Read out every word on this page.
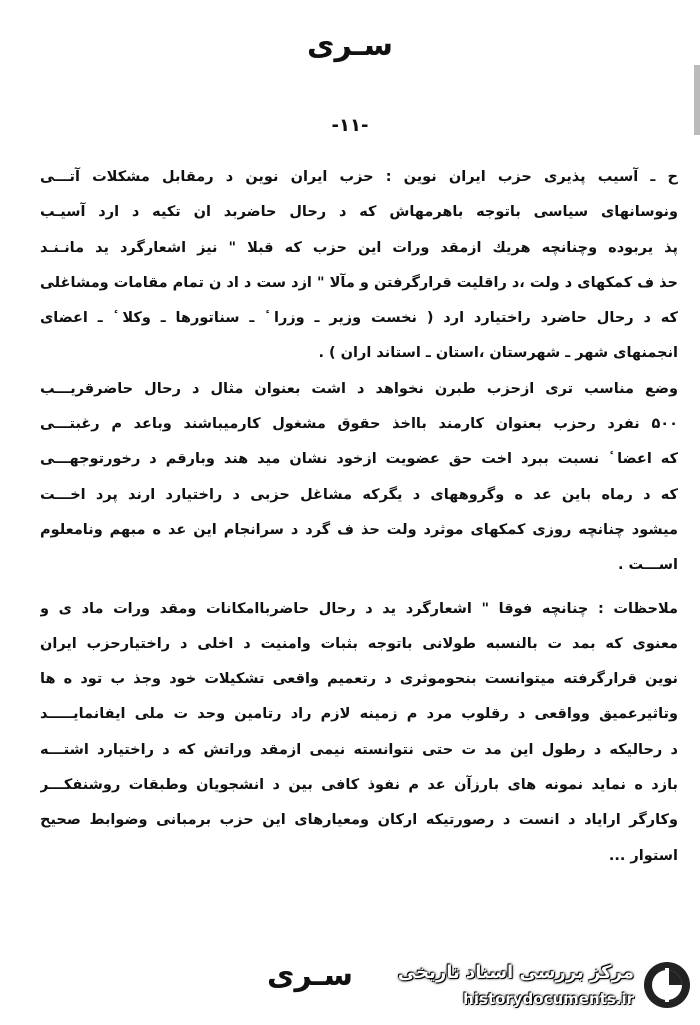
سـرى
-۱۱-
ح ـ آسیب پذیری حزب ایران نوین : حزب ایران نوین د رمقابل مشکلات آتـــی
ونوسانهای سیاسی باتوجه باهرمهاش که د رحال حاضربد ان تکیه د ارد آسیـب
پذ یربوده وچنانچه هریك ازمقد ورات این حزب که قبلا " نیز اشعارگرد ید مانـنـد
حذ ف کمکهای د ولت ،د راقلیت قرارگرفتن و مآلا " ازد ست د اد ن تمام مقامات ومشاغلی
که د رحال حاضرد راختیارد ارد ( نخست وزیر ـ وزرا ٔ ـ سناتورها ـ وکلا ٔ ـ اعضای
انجمنهای شهر ـ شهرستان ،استان ـ استاند اران ) .
وضع مناسب تری ازحزب طبرن نخواهد د اشت بعنوان مثال د رحال حاضرقریـــب
۵۰۰ نفرد رحزب بعنوان کارمند بااخذ حقوق مشغول کارمیباشند وباعد م رغبتـــی
که اعضا ٔ نسبت ببرد اخت حق عضویت ازخود نشان مید هند وبارقم د رخورتوجهـــی
که د رماه باین عد ه وگروههای د یگرکه مشاغل حزبی د راختیارد ارند پرد اخـــت
میشود چنانچه روزی کمکهای موثرد ولت حذ ف گرد د سرانجام این عد ه مبهم ونامعلوم
اســـت .
ملاحظات : چنانچه فوقا " اشعارگرد ید د رحال حاضرباامکانات ومقد ورات ماد ی و
معنوی که بمد ت بالنسبه طولانی باتوجه بثبات وامنیت د اخلی د راختیارحزب ایران
نوین قرارگرفته میتوانست بنحوموثری د رتعمیم واقعی تشکیلات خود وجذ ب تود ه ها
وتاثیرعمیق وواقعی د رقلوب مرد م زمینه لازم راد رتامین وحد ت ملی ایفانمایـــــد
د رحالیکه د رطول این مد ت حتی نتوانسته نیمی ازمقد وراتش که د راختیارد اشتـــه
بازد ه نماید نمونه های بارزآن عد م نفوذ کافی بین د انشجویان وطبقات روشنفکـــر
وکارگر ارایاد د انست د رصورتیکه ارکان ومعیارهای این حزب برمبانی وضوابط صحیح
استوار ...
سـرى	مرکز بررسی اسناد تاریخی
historydocuments.ir
